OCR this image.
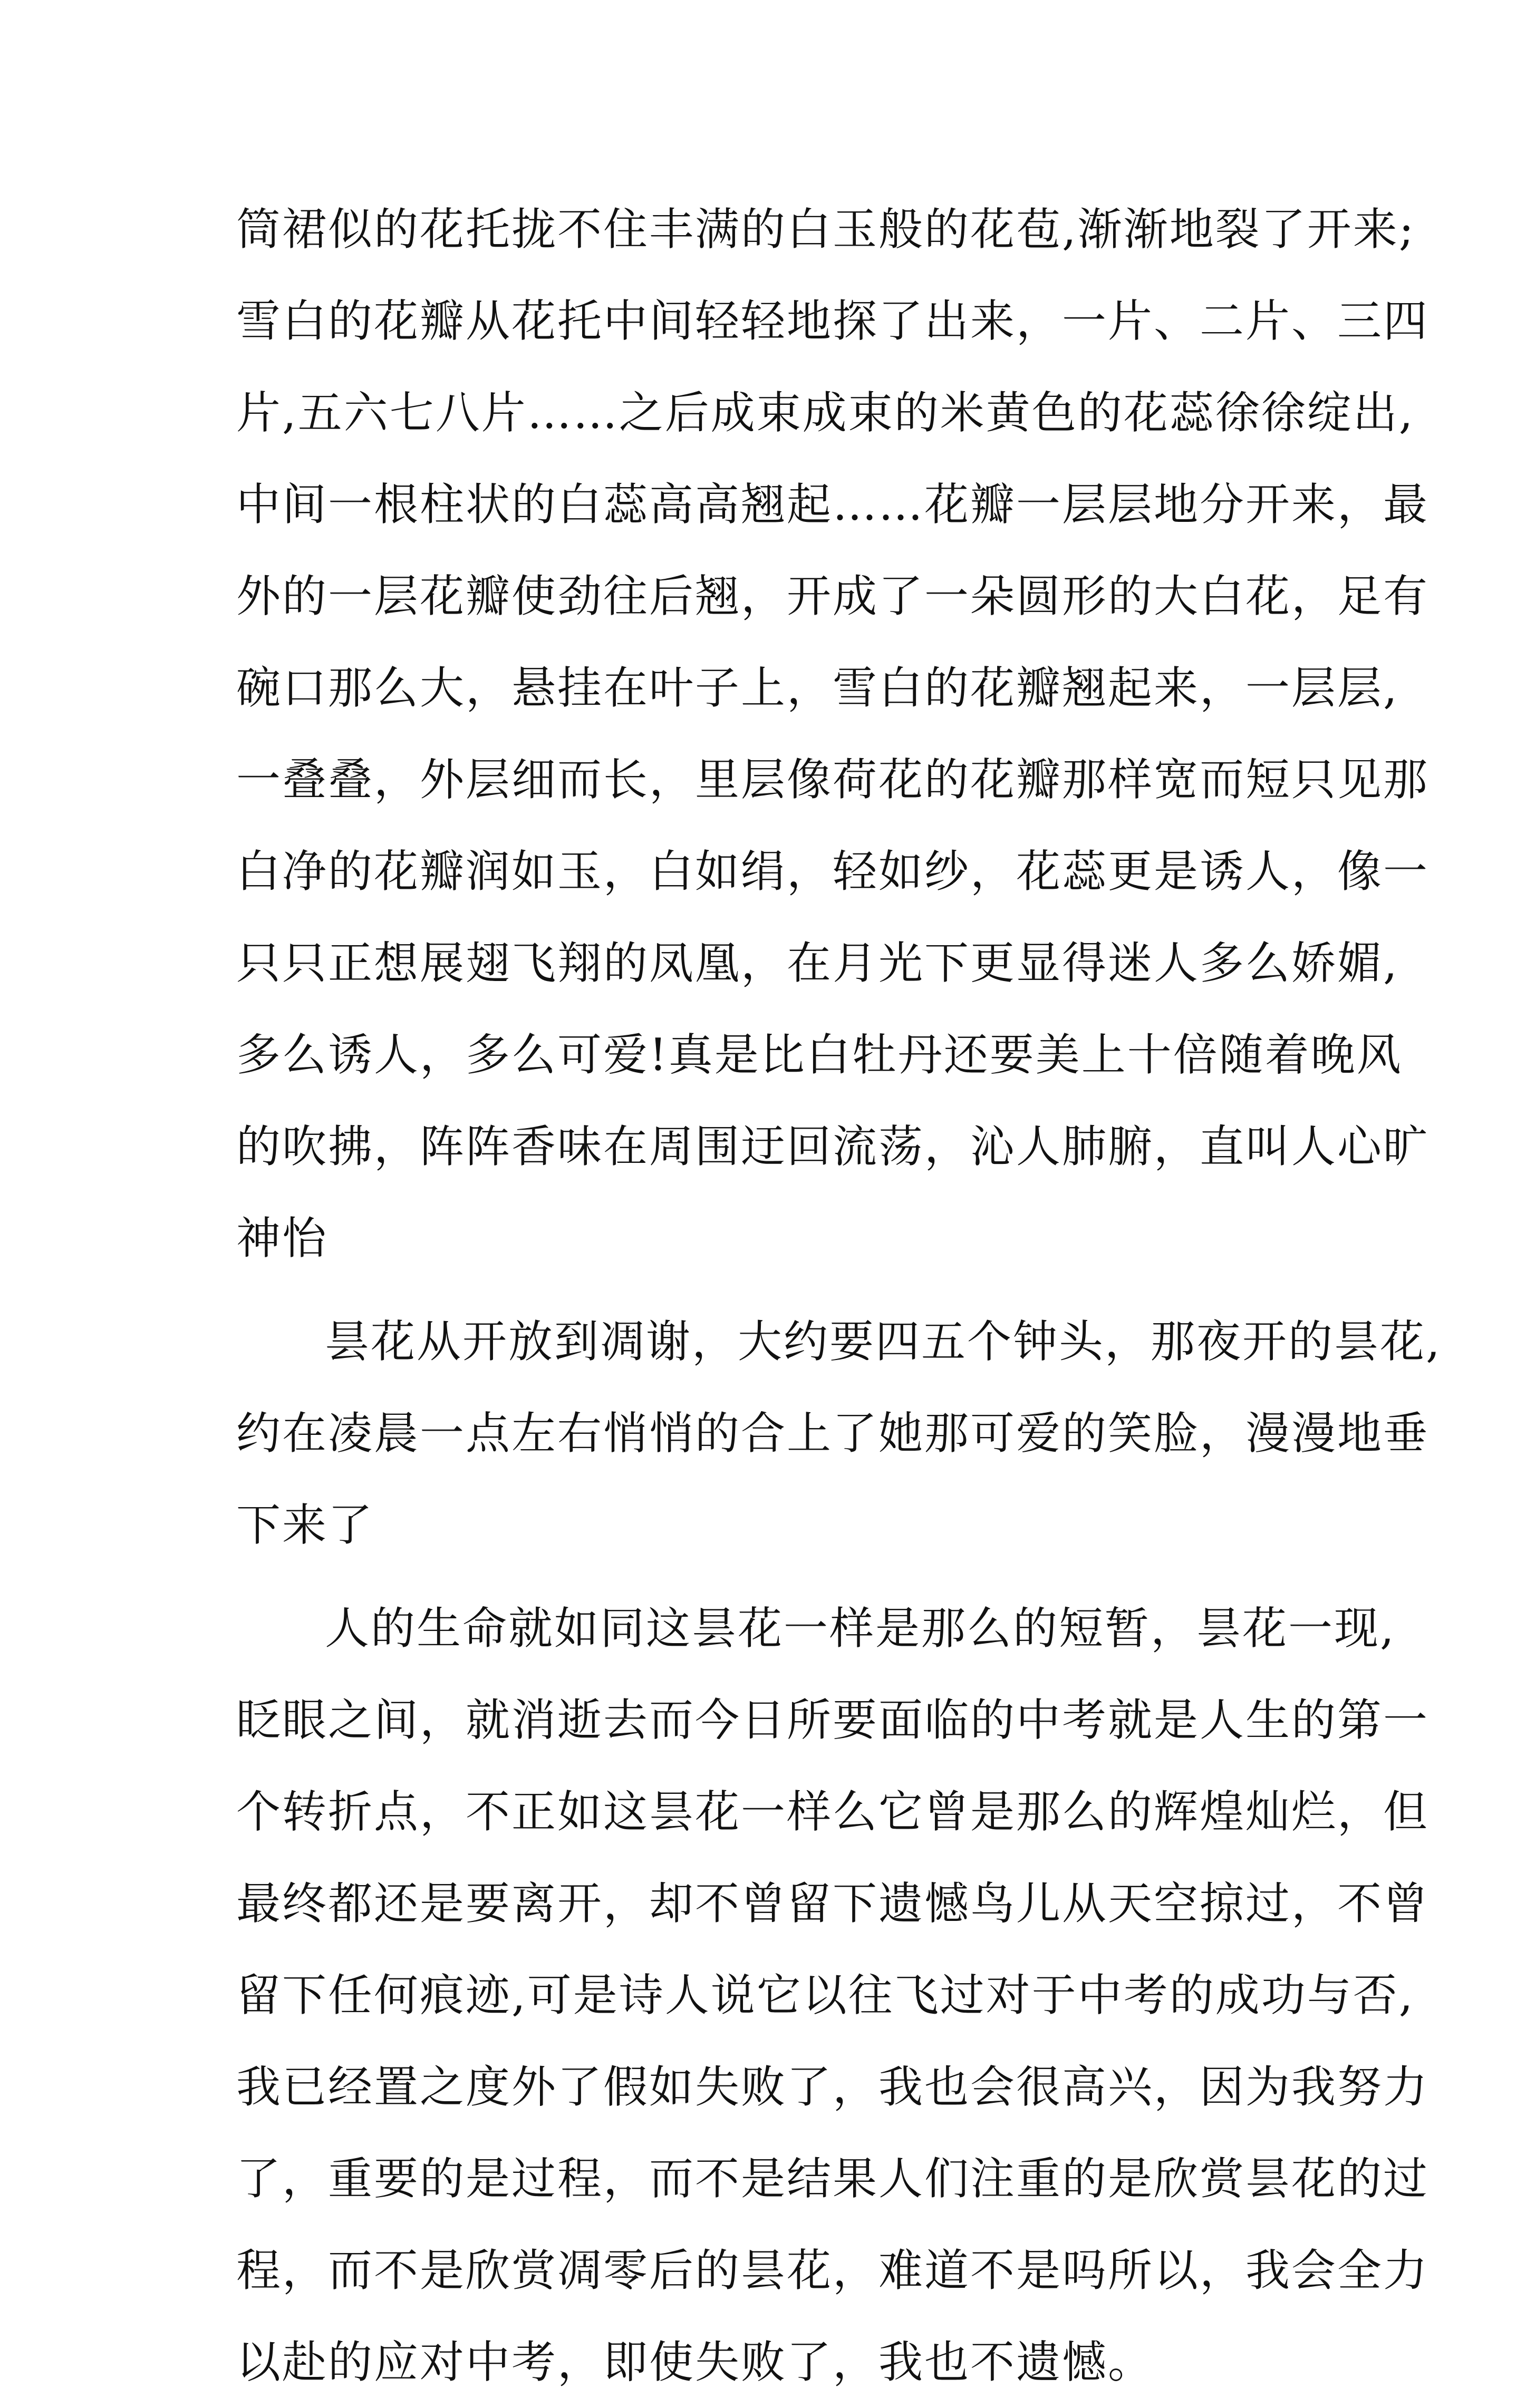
筒裙似的花托拢不住丰满的白玉般的花苞,渐渐地裂了开来;
雪白的花瓣从花托中间轻轻地探了出来，一片、二片、三四
片,五六七八片……之后成束成束的米黄色的花蕊徐徐绽出,
中间一根柱状的白蕊高高翘起……花瓣一层层地分开来，最
外的一层花瓣使劲往后翘，开成了一朵圆形的大白花，足有
碗口那么大，悬挂在叶子上，雪白的花瓣翘起来，一层层,
一叠叠，外层细而长，里层像荷花的花瓣那样宽而短只见那
白净的花瓣润如玉，白如绢，轻如纱，花蕊更是诱人，像一
只只正想展翅飞翔的凤凰，在月光下更显得迷人多么娇媚,
多么诱人，多么可爱!真是比白牡丹还要美上十倍随着晚风
的吹拂，阵阵香味在周围迂回流荡，沁人肺腑，直叫人心旷
神怡
昙花从开放到凋谢，大约要四五个钟头，那夜开的昙花,
约在凌晨一点左右悄悄的合上了她那可爱的笑脸，漫漫地垂
下来了
人的生命就如同这昙花一样是那么的短暂，昙花一现,
眨眼之间，就消逝去而今日所要面临的中考就是人生的第一
个转折点，不正如这昙花一样么它曾是那么的辉煌灿烂，但
最终都还是要离开，却不曾留下遗憾鸟儿从天空掠过，不曾
留下任何痕迹,可是诗人说它以往飞过对于中考的成功与否,
我已经置之度外了假如失败了，我也会很高兴，因为我努力
了，重要的是过程，而不是结果人们注重的是欣赏昙花的过
程，而不是欣赏凋零后的昙花，难道不是吗所以，我会全力
以赴的应对中考，即使失败了，我也不遗憾。
